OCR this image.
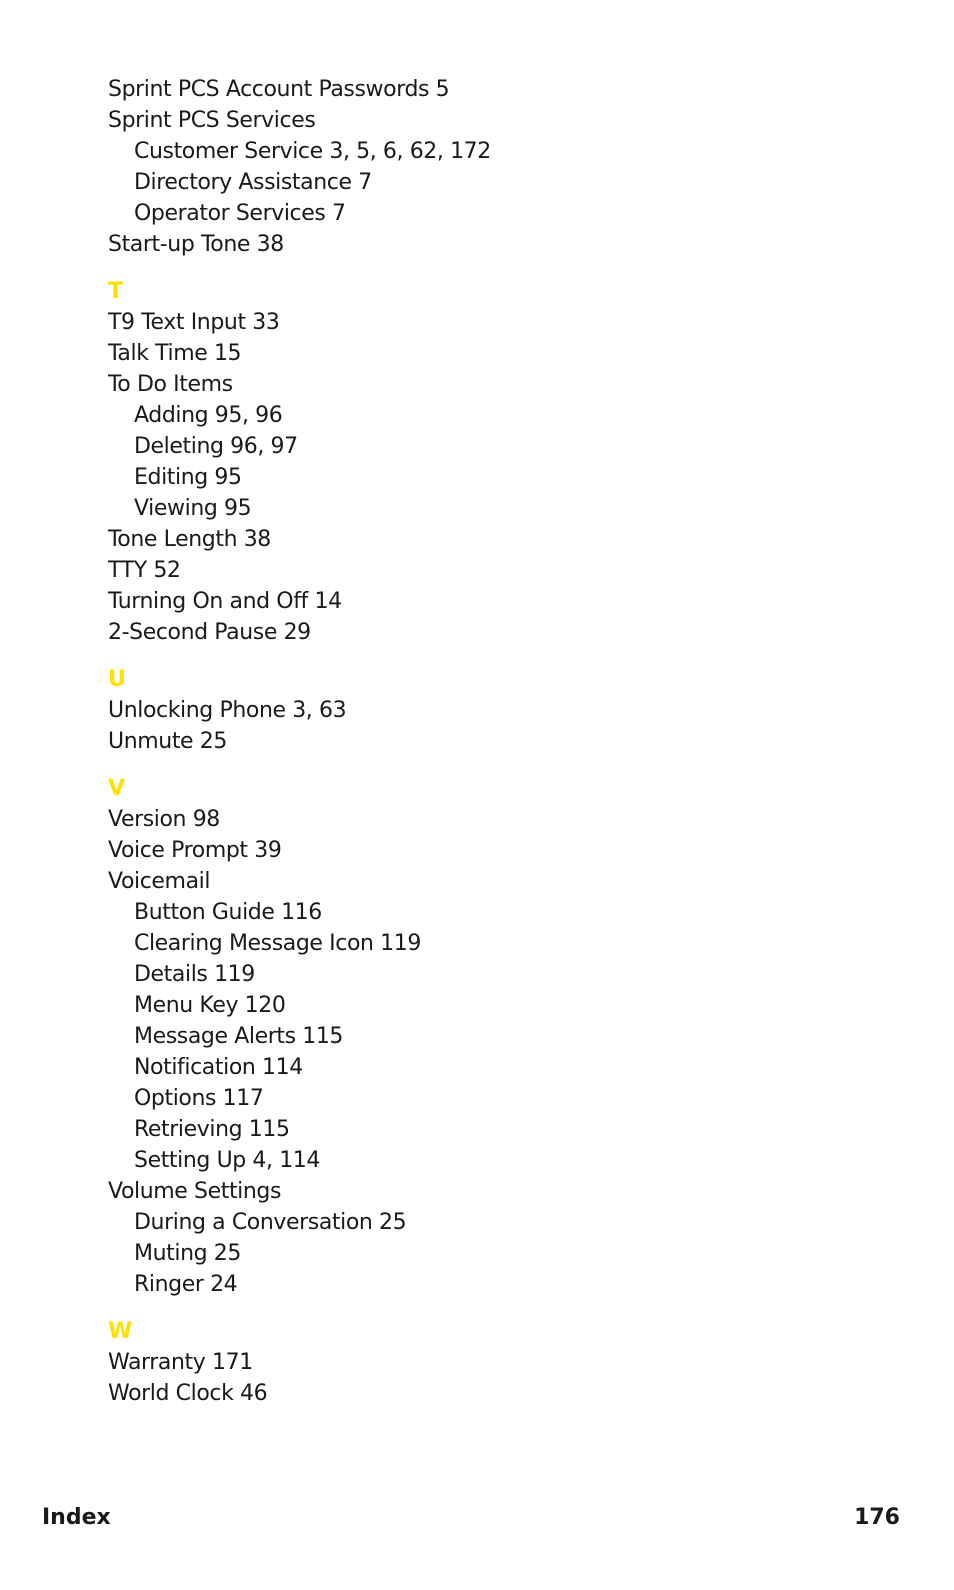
Sprint PCS Account Passwords 5
Sprint PCS Services
Customer Service 3, 5, 6, 62, 172
Directory Assistance 7
Operator Services 7
Start-up Tone 38
T
T9 Text Input 33
Talk Time 15
To Do Items
Adding 95, 96
Deleting 96, 97
Editing 95
Viewing 95
Tone Length 38
TTY 52
Turning On and Off 14
2-Second Pause 29
U
Unlocking Phone 3, 63
Unmute 25
V
Version 98
Voice Prompt 39
Voicemail
Button Guide 116
Clearing Message Icon 119
Details 119
Menu Key 120
Message Alerts 115
Notification 114
Options 117
Retrieving 115
Setting Up 4, 114
Volume Settings
During a Conversation 25
Muting 25
Ringer 24
W
Warranty 171
World Clock 46
Index	176
